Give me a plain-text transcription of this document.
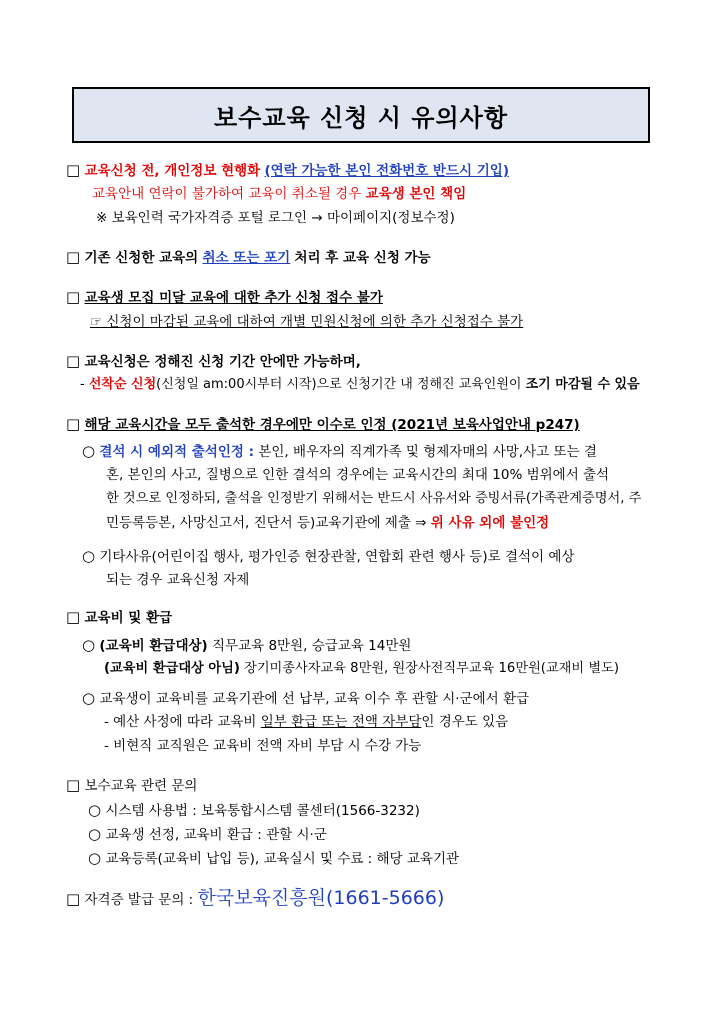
보수교육 신청 시 유의사항
□ 교육신청 전, 개인정보 현행화 (연락 가능한 본인 전화번호 반드시 기입)
교육안내 연락이 불가하여 교육이 취소될 경우 교육생 본인 책임
※ 보육인력 국가자격증 포털 로그인 → 마이페이지(정보수정)
□ 기존 신청한 교육의 취소 또는 포기 처리 후 교육 신청 가능
□ 교육생 모집 미달 교육에 대한 추가 신청 접수 불가
☞ 신청이 마감된 교육에 대하여 개별 민원신청에 의한 추가 신청접수 불가
□ 교육신청은 정해진 신청 기간 안에만 가능하며,
- 선착순 신청(신청일 am:00시부터 시작)으로 신청기간 내 정해진 교육인원이 조기 마감될 수 있음
□ 해당 교육시간을 모두 출석한 경우에만 이수로 인정 (2021년 보육사업안내 p247)
○ 결석 시 예외적 출석인정 : 본인, 배우자의 직계가족 및 형제자매의 사망,사고 또는 결
혼, 본인의 사고, 질병으로 인한 결석의 경우에는 교육시간의 최대 10% 범위에서 출석
한 것으로 인정하되, 출석을 인정받기 위해서는 반드시 사유서와 증빙서류(가족관계증명서, 주
민등록등본, 사망신고서, 진단서 등)교육기관에 제출 ⇒ 위 사유 외에 불인정
○ 기타사유(어린이집 행사, 평가인증 현장관찰, 연합회 관련 행사 등)로 결석이 예상
되는 경우 교육신청 자제
□ 교육비 및 환급
○ (교육비 환급대상) 직무교육 8만원, 승급교육 14만원
(교육비 환급대상 아님) 장기미종사자교육 8만원, 원장사전직무교육 16만원(교재비 별도)
○ 교육생이 교육비를 교육기관에 선 납부, 교육 이수 후 관할 시·군에서 환급
- 예산 사정에 따라 교육비 일부 환급 또는 전액 자부담인 경우도 있음
- 비현직 교직원은 교육비 전액 자비 부담 시 수강 가능
□ 보수교육 관련 문의
○ 시스템 사용법 : 보육통합시스템 콜센터(1566-3232)
○ 교육생 선정, 교육비 환급 : 관할 시·군
○ 교육등록(교육비 납입 등), 교육실시 및 수료 : 해당 교육기관
□ 자격증 발급 문의 : 한국보육진흥원(1661-5666)
